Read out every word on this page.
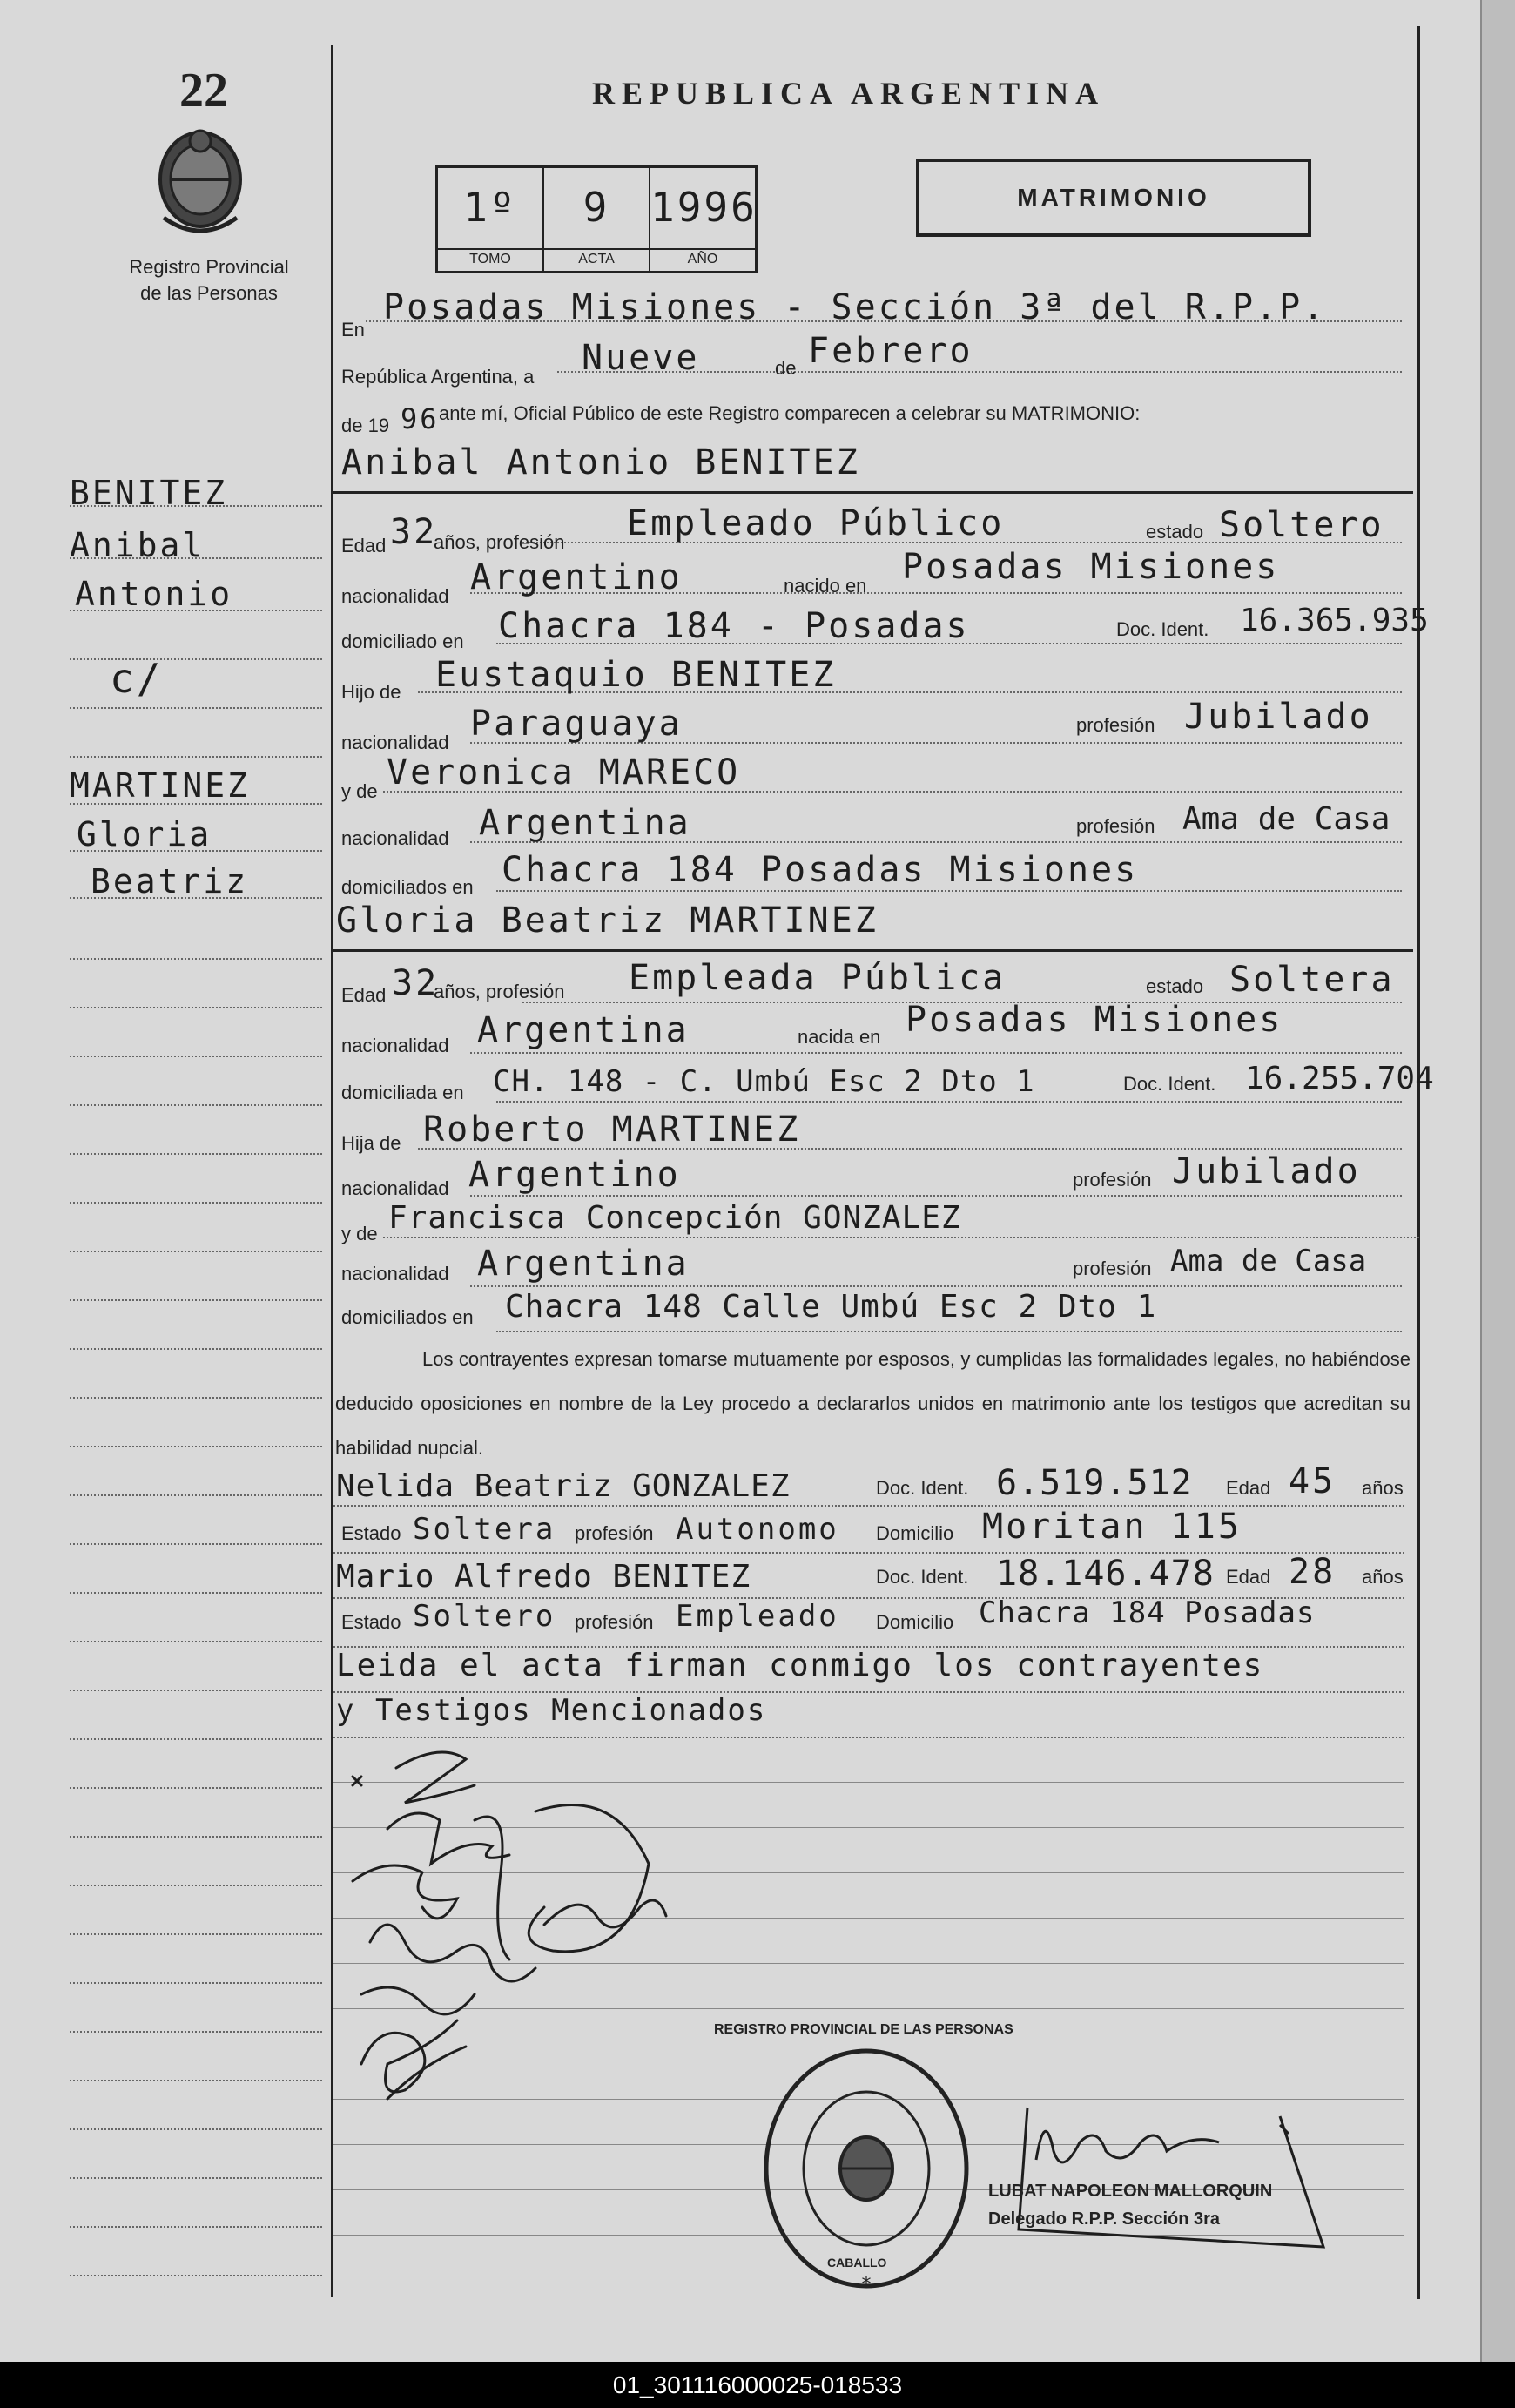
22
Registro Provincial
de las Personas
REPUBLICA ARGENTINA
1º
TOMO
9
ACTA
1996
AÑO
MATRIMONIO
En
Posadas Misiones - Sección 3ª del R.P.P.
República Argentina, a Nueve	de Febrero
de 19 96 ante mí, Oficial Público de este Registro comparecen a celebrar su MATRIMONIO:
Anibal Antonio BENITEZ
Edad 32
años, profesión Empleado Público	estado Soltero
nacionalidad Argentino	nacido en Posadas Misiones
domiciliado en Chacra 184 - Posadas	Doc. Ident. 16.365.935
Hijo de Eustaquio BENITEZ
nacionalidad Paraguaya	profesión Jubilado
y de Veronica MARECO
nacionalidad Argentina	profesión Ama de Casa
domiciliados en Chacra 184 Posadas Misiones
Gloria Beatriz MARTINEZ
Edad 32
años, profesión Empleada Pública	estado Soltera
nacionalidad Argentina	nacida en Posadas Misiones
domiciliada en CH. 148 - C. Umbú Esc 2 Dto 1	Doc. Ident. 16.255.704
Hija de Roberto MARTINEZ
nacionalidad Argentino	profesión Jubilado
y de Francisca Concepción GONZALEZ
nacionalidad Argentina	profesión Ama de Casa
domiciliados en Chacra 148 Calle Umbú Esc 2 Dto 1
Los contrayentes expresan tomarse mutuamente por esposos, y cumplidas las formalidades legales, no habiéndose deducido oposiciones en nombre de la Ley procedo a declararlos unidos en matrimonio ante los testigos que acreditan su habilidad nupcial.
Nelida Beatriz GONZALEZ	Doc. Ident. 6.519.512 Edad 45 años
Estado Soltera profesión Autonomo Domicilio Moritan 115
Mario Alfredo BENITEZ	Doc. Ident. 18.146.478 Edad 28 años
Estado Soltero profesión Empleado Domicilio Chacra 184 Posadas
Leida el acta firman conmigo los contrayentes
y Testigos Mencionados
*
REGISTRO PROVINCIAL DE LAS PERSONAS
CABALLO
LUBAT NAPOLEON MALLORQUIN
Delegado R.P.P. Sección 3ra
BENITEZ
Anibal
Antonio
c/
MARTINEZ
Gloria
Beatriz
01_301116000025-018533
